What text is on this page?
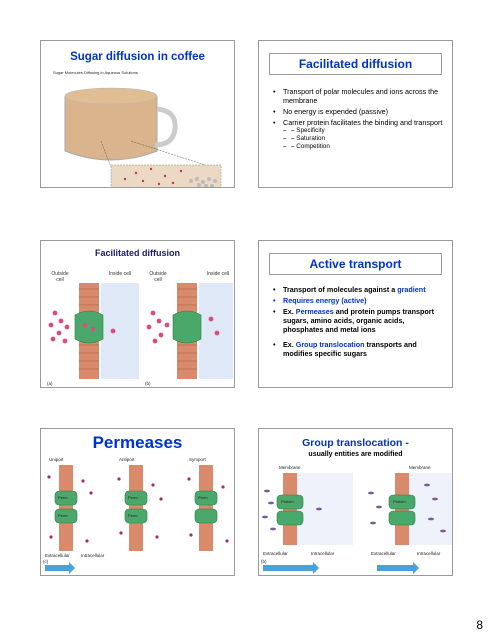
Sugar diffusion in coffee
Sugar Molecules Diffusing in Aqueous Solutions
Facilitated diffusion
• Transport of polar molecules and ions across the membrane
• No energy is expended (passive)
• Carrier protein facilitates the binding and transport
– – Specificity
– – Saturation
– – Competition
Facilitated diffusion
Outside cell
Inside cell	Outside cell
Inside cell
(a)	(b)
Active transport
• Transport of molecules against a gradient
• Requires energy (active)
• Ex. Permeases and protein pumps transport sugars, amino acids, organic acids, phosphates and metal ions
• Ex. Group translocation transports and modifies specific sugars
Permeases
Uniport	Antiport	Symport
Perm
Perm
Perm
Perm
Perm
Extracellular Intracellular
(c)
Group translocation -
usually entities are modified
Membrane	Membrane
Protein	Protein
Extracellular	Intracellular	Extracellular	Intracellular
(b)
8
